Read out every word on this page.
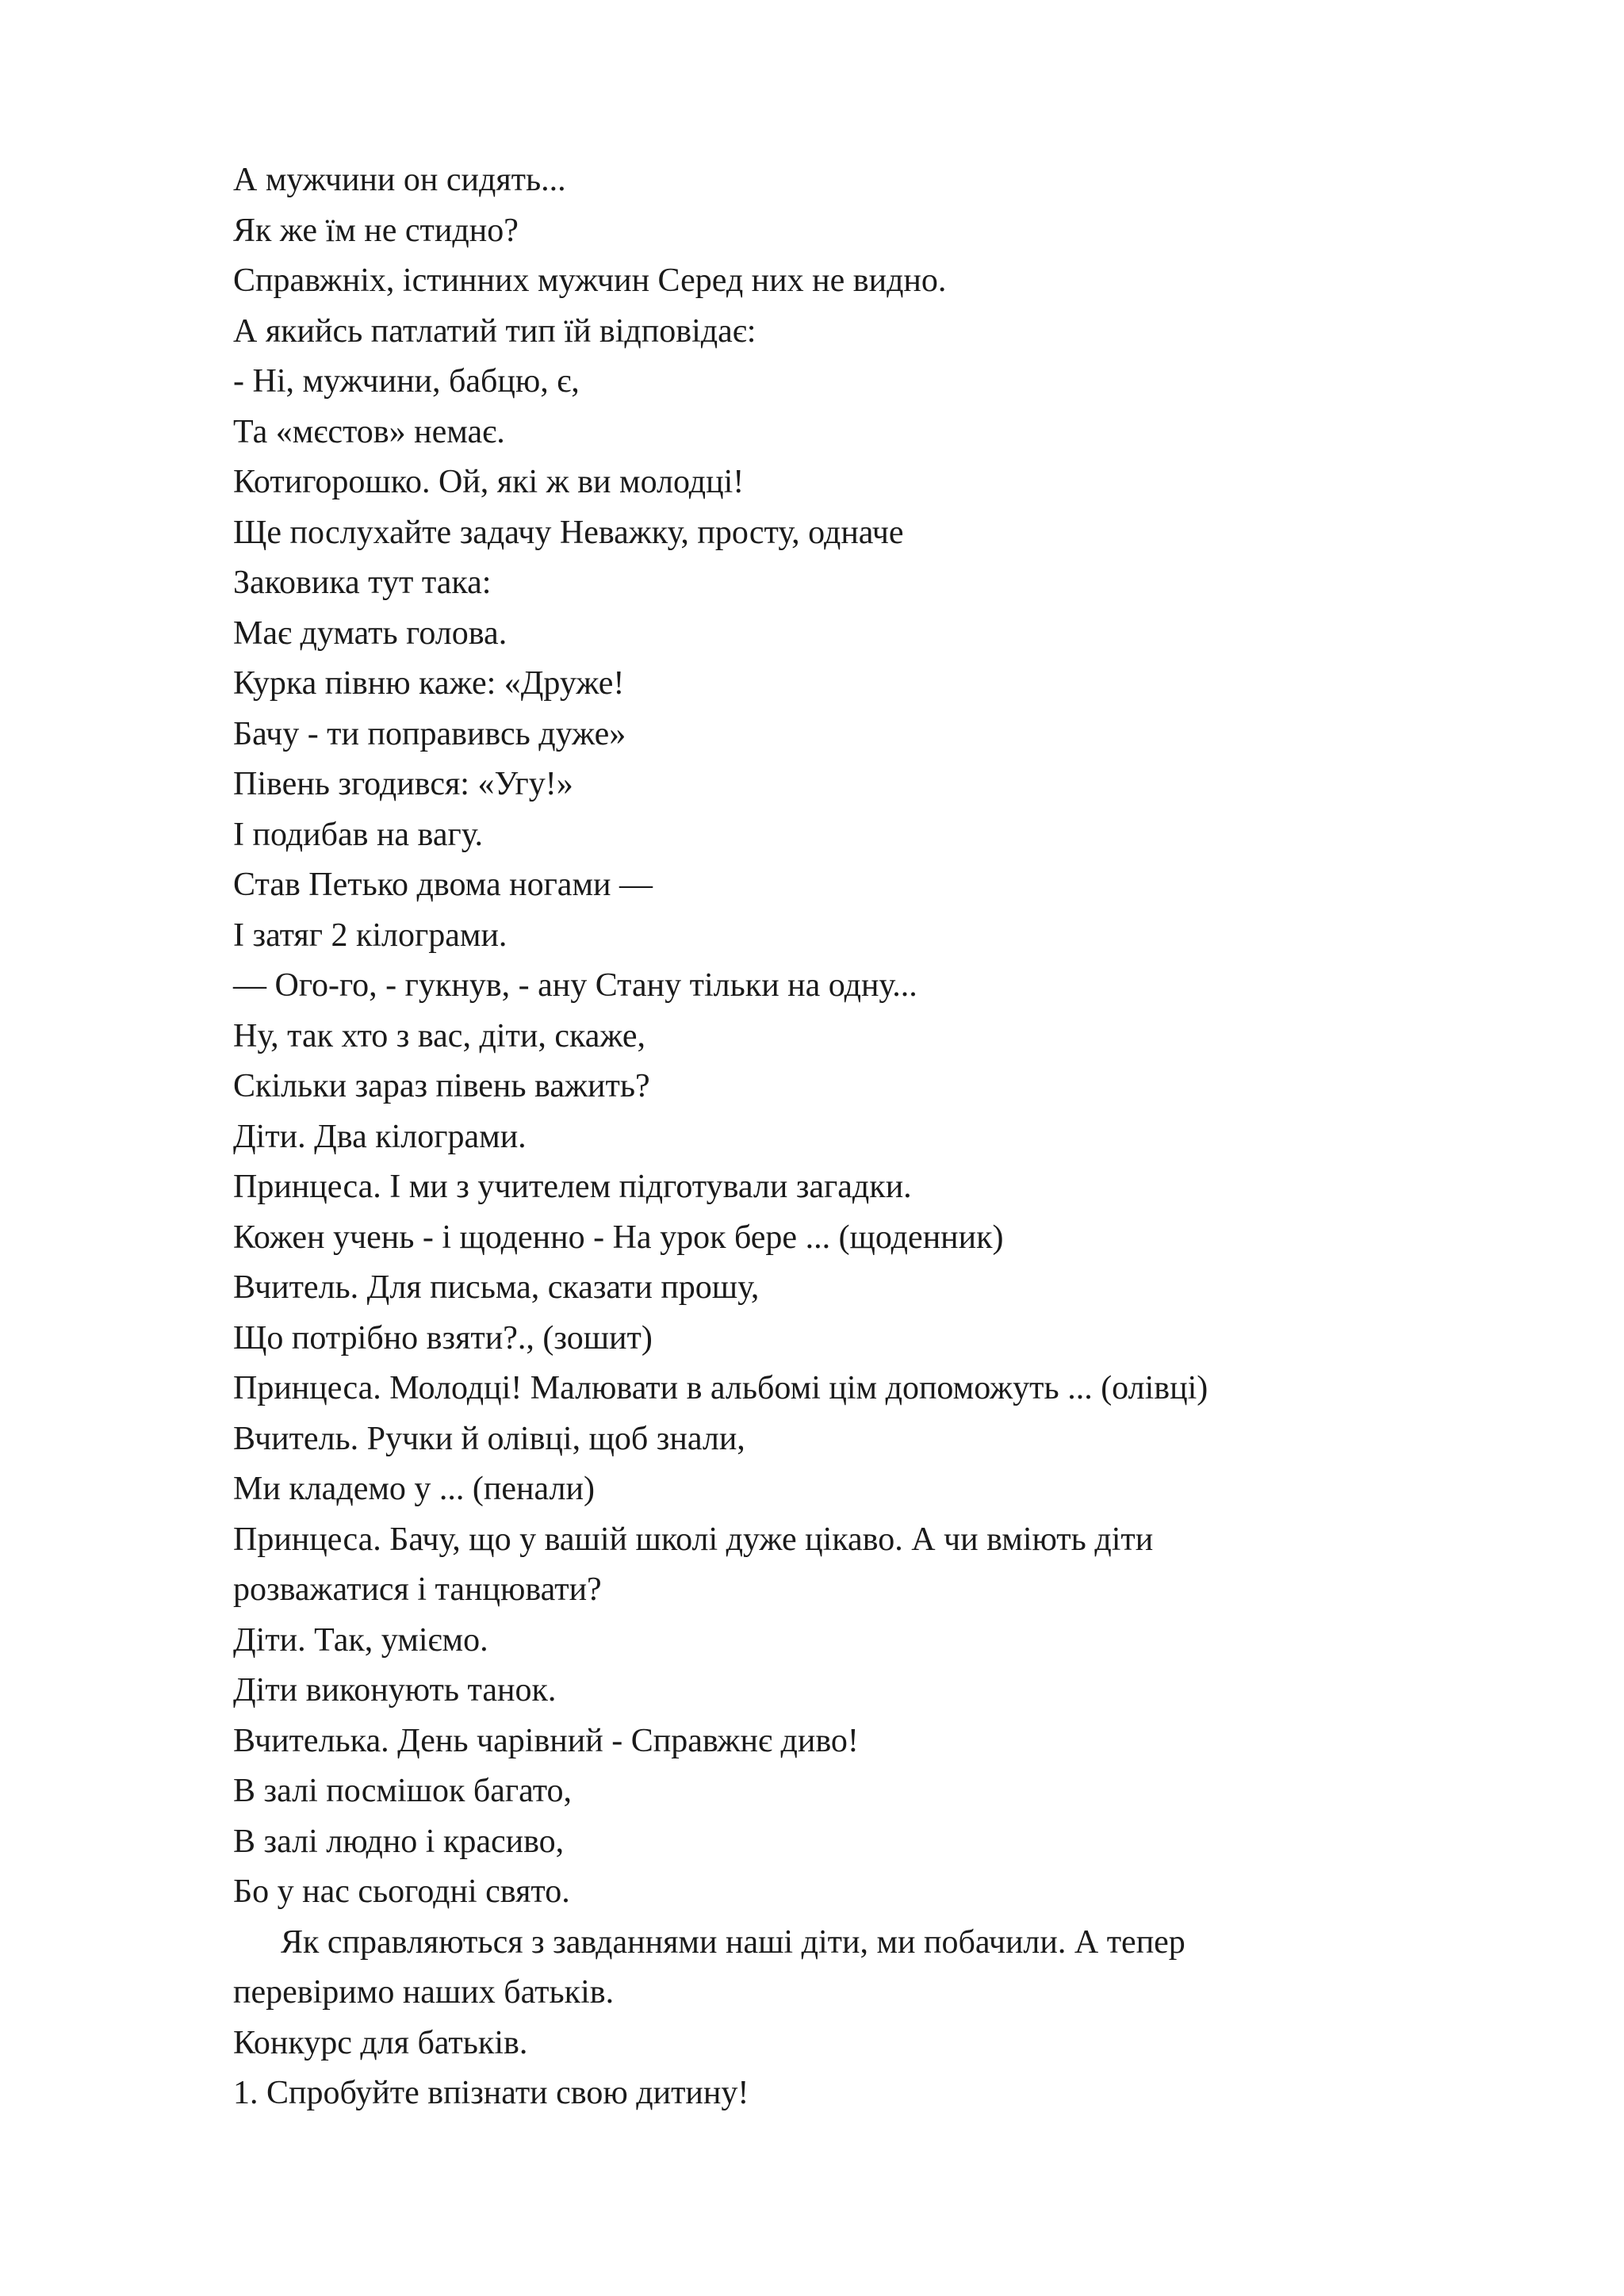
А мужчини он сидять...
Як же їм не стидно?
Справжніх, істинних мужчин Серед них не видно.
А якийсь патлатий тип їй відповідає:
- Ні, мужчини, бабцю, є,
Та «мєстов» немає.
Котигорошко. Ой, які ж ви молодці!
Ще послухайте задачу Неважку, просту, одначе
Заковика тут така:
Має думать голова.
Курка півню каже: «Друже!
Бачу - ти поправивсь дуже»
Півень згодився: «Угу!»
І подибав на вагу.
Став Петько двома ногами —
І затяг 2 кілограми.
— Ого-го, - гукнув, - ану Стану тільки на одну...
Ну, так хто з вас, діти, скаже,
Скільки зараз півень важить?
Діти. Два кілограми.
Принцеса. І ми з учителем підготували загадки.
Кожен учень - і щоденно - На урок бере ... (щоденник)
Вчитель. Для письма, сказати прошу,
Що потрібно взяти?., (зошит)
Принцеса. Молодці! Малювати в альбомі цім допоможуть ... (олівці)
Вчитель. Ручки й олівці, щоб знали,
Ми кладемо у ... (пенали)
Принцеса. Бачу, що у вашій школі дуже цікаво. А чи вміють діти
розважатися і танцювати?
Діти. Так, уміємо.
Діти виконують танок.
Вчителька. День чарівний - Справжнє диво!
В залі посмішок багато,
В залі людно і красиво,
Бо у нас сьогодні свято.
Як справляються з завданнями наші діти, ми побачили. А тепер
перевіримо наших батьків.
Конкурс для батьків.
1. Спробуйте впізнати свою дитину!
